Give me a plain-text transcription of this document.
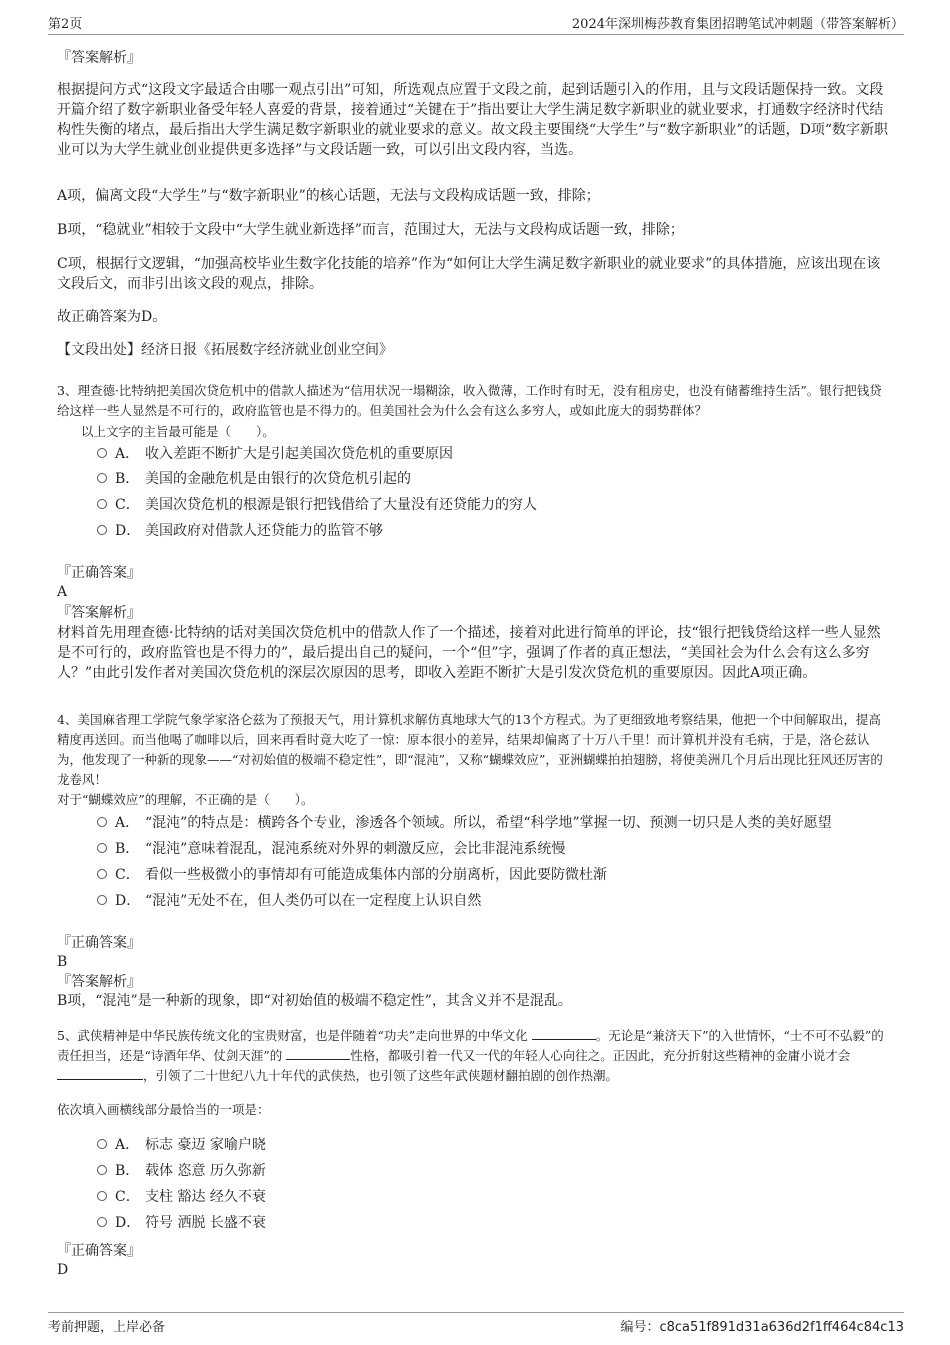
第2页	2024年深圳梅莎教育集团招聘笔试冲刺题（带答案解析）
『答案解析』
根据提问方式“这段文字最适合由哪一观点引出”可知，所选观点应置于文段之前，起到话题引入的作用，且与文段话题保持一致。文段开篇介绍了数字新职业备受年轻人喜爱的背景，接着通过“关键在于”指出要让大学生满足数字新职业的就业要求，打通数字经济时代结构性失衡的堵点，最后指出大学生满足数字新职业的就业要求的意义。故文段主要围绕“大学生”与“数字新职业”的话题，D项“数字新职业可以为大学生就业创业提供更多选择”与文段话题一致，可以引出文段内容，当选。
A项，偏离文段“大学生”与“数字新职业”的核心话题，无法与文段构成话题一致，排除；
B项，“稳就业”相较于文段中“大学生就业新选择”而言，范围过大，无法与文段构成话题一致，排除；
C项，根据行文逻辑，“加强高校毕业生数字化技能的培养”作为“如何让大学生满足数字新职业的就业要求”的具体措施，应该出现在该文段后文，而非引出该文段的观点，排除。
故正确答案为D。
【文段出处】经济日报《拓展数字经济就业创业空间》
3、理查德·比特纳把美国次贷危机中的借款人描述为“信用状况一塌糊涂，收入微薄，工作时有时无，没有租房史，也没有储蓄维持生活”。银行把钱贷给这样一些人显然是不可行的，政府监管也是不得力的。但美国社会为什么会有这么多穷人，或如此庞大的弱势群体？
以上文字的主旨最可能是（　　）。
A． 收入差距不断扩大是引起美国次贷危机的重要原因
B． 美国的金融危机是由银行的次贷危机引起的
C． 美国次贷危机的根源是银行把钱借给了大量没有还贷能力的穷人
D． 美国政府对借款人还贷能力的监管不够
『正确答案』
A
『答案解析』
材料首先用理查德·比特纳的话对美国次贷危机中的借款人作了一个描述，接着对此进行简单的评论，技“银行把钱贷给这样一些人显然是不可行的，政府监管也是不得力的”，最后提出自己的疑问，一个“但”字，强调了作者的真正想法，“美国社会为什么会有这么多穷人？”由此引发作者对美国次贷危机的深层次原因的思考，即收入差距不断扩大是引发次贷危机的重要原因。因此A项正确。
4、美国麻省理工学院气象学家洛仑兹为了预报天气，用计算机求解仿真地球大气的13个方程式。为了更细致地考察结果，他把一个中间解取出，提高精度再送回。而当他喝了咖啡以后，回来再看时竟大吃了一惊：原本很小的差异，结果却偏离了十万八千里！而计算机并没有毛病，于是，洛仑兹认为，他发现了一种新的现象——“对初始值的极端不稳定性”，即“混沌”，又称“蝴蝶效应”，亚洲蝴蝶拍拍翅膀，将使美洲几个月后出现比狂风还厉害的龙卷风！
对于“蝴蝶效应”的理解，不正确的是（　　）。
A． “混沌”的特点是：横跨各个专业，渗透各个领域。所以，希望“科学地”掌握一切、预测一切只是人类的美好愿望
B． “混沌”意味着混乱，混沌系统对外界的刺激反应，会比非混沌系统慢
C． 看似一些极微小的事情却有可能造成集体内部的分崩离析，因此要防微杜渐
D． “混沌”无处不在，但人类仍可以在一定程度上认识自然
『正确答案』
B
『答案解析』
B项，“混沌”是一种新的现象，即“对初始值的极端不稳定性”，其含义并不是混乱。
5、武侠精神是中华民族传统文化的宝贵财富，也是伴随着“功夫”走向世界的中华文化	。无论是“兼济天下”的入世情怀，“士不可不弘毅”的责任担当，还是“诗酒年华、仗剑天涯”的	性格，都吸引着一代又一代的年轻人心向往之。正因此，充分折射这些精神的金庸小说才会 ，引领了二十世纪八九十年代的武侠热，也引领了这些年武侠题材翻拍剧的创作热潮。
依次填入画横线部分最恰当的一项是：
A． 标志 豪迈 家喻户晓
B． 载体 恣意 历久弥新
C． 支柱 豁达 经久不衰
D． 符号 洒脱 长盛不衰
『正确答案』
D
考前押题，上岸必备	编号：c8ca51f891d31a636d2f1ff464c84c13
